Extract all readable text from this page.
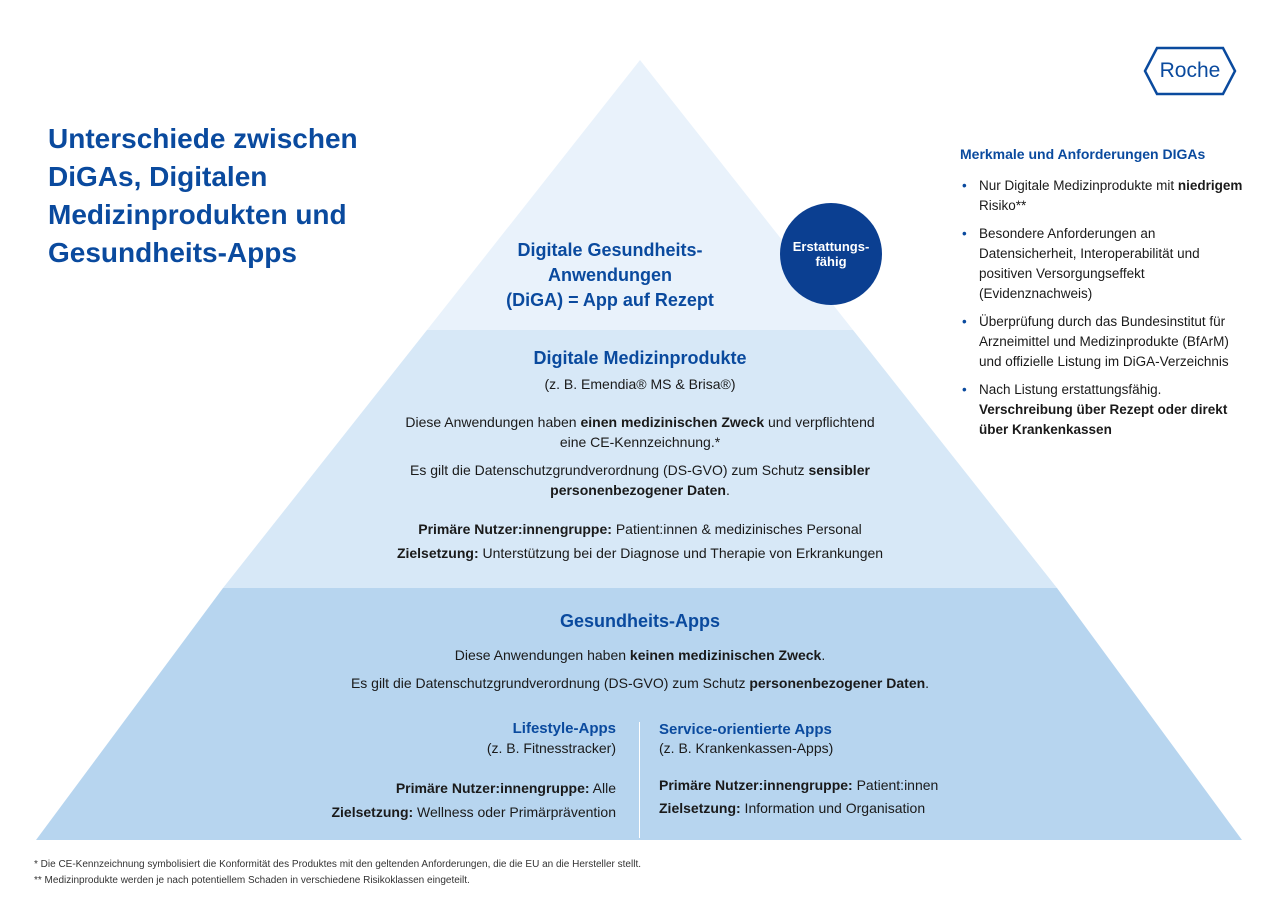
Unterschiede zwischen DiGAs, Digitalen Medizinprodukten und Gesundheits-Apps
Roche
Digitale Gesundheits-
Anwendungen
(DiGA) = App auf Rezept
Erstattungs-
fähig
Digitale Medizinprodukte
(z. B. Emendia® MS & Brisa®)
Diese Anwendungen haben einen medizinischen Zweck und verpflichtend
eine CE-Kennzeichnung.*
Es gilt die Datenschutzgrundverordnung (DS-GVO) zum Schutz sensibler
personenbezogener Daten.
Primäre Nutzer:innengruppe: Patient:innen & medizinisches Personal
Zielsetzung: Unterstützung bei der Diagnose und Therapie von Erkrankungen
Gesundheits-Apps
Diese Anwendungen haben keinen medizinischen Zweck.
Es gilt die Datenschutzgrundverordnung (DS-GVO) zum Schutz personenbezogener Daten.
Lifestyle-Apps
(z. B. Fitnesstracker)
Primäre Nutzer:innengruppe: Alle
Zielsetzung: Wellness oder Primärprävention
Service-orientierte Apps
(z. B. Krankenkassen-Apps)
Primäre Nutzer:innengruppe: Patient:innen
Zielsetzung: Information und Organisation
Merkmale und Anforderungen DIGAs
• Nur Digitale Medizinprodukte mit niedrigem Risiko**
• Besondere Anforderungen an Datensicherheit, Interoperabilität und positiven Versorgungseffekt (Evidenznachweis)
• Überprüfung durch das Bundesinstitut für Arzneimittel und Medizinprodukte (BfArM) und offizielle Listung im DiGA-Verzeichnis
• Nach Listung erstattungsfähig. Verschreibung über Rezept oder direkt über Krankenkassen
* Die CE-Kennzeichnung symbolisiert die Konformität des Produktes mit den geltenden Anforderungen, die die EU an die Hersteller stellt.
** Medizinprodukte werden je nach potentiellem Schaden in verschiedene Risikoklassen eingeteilt.
